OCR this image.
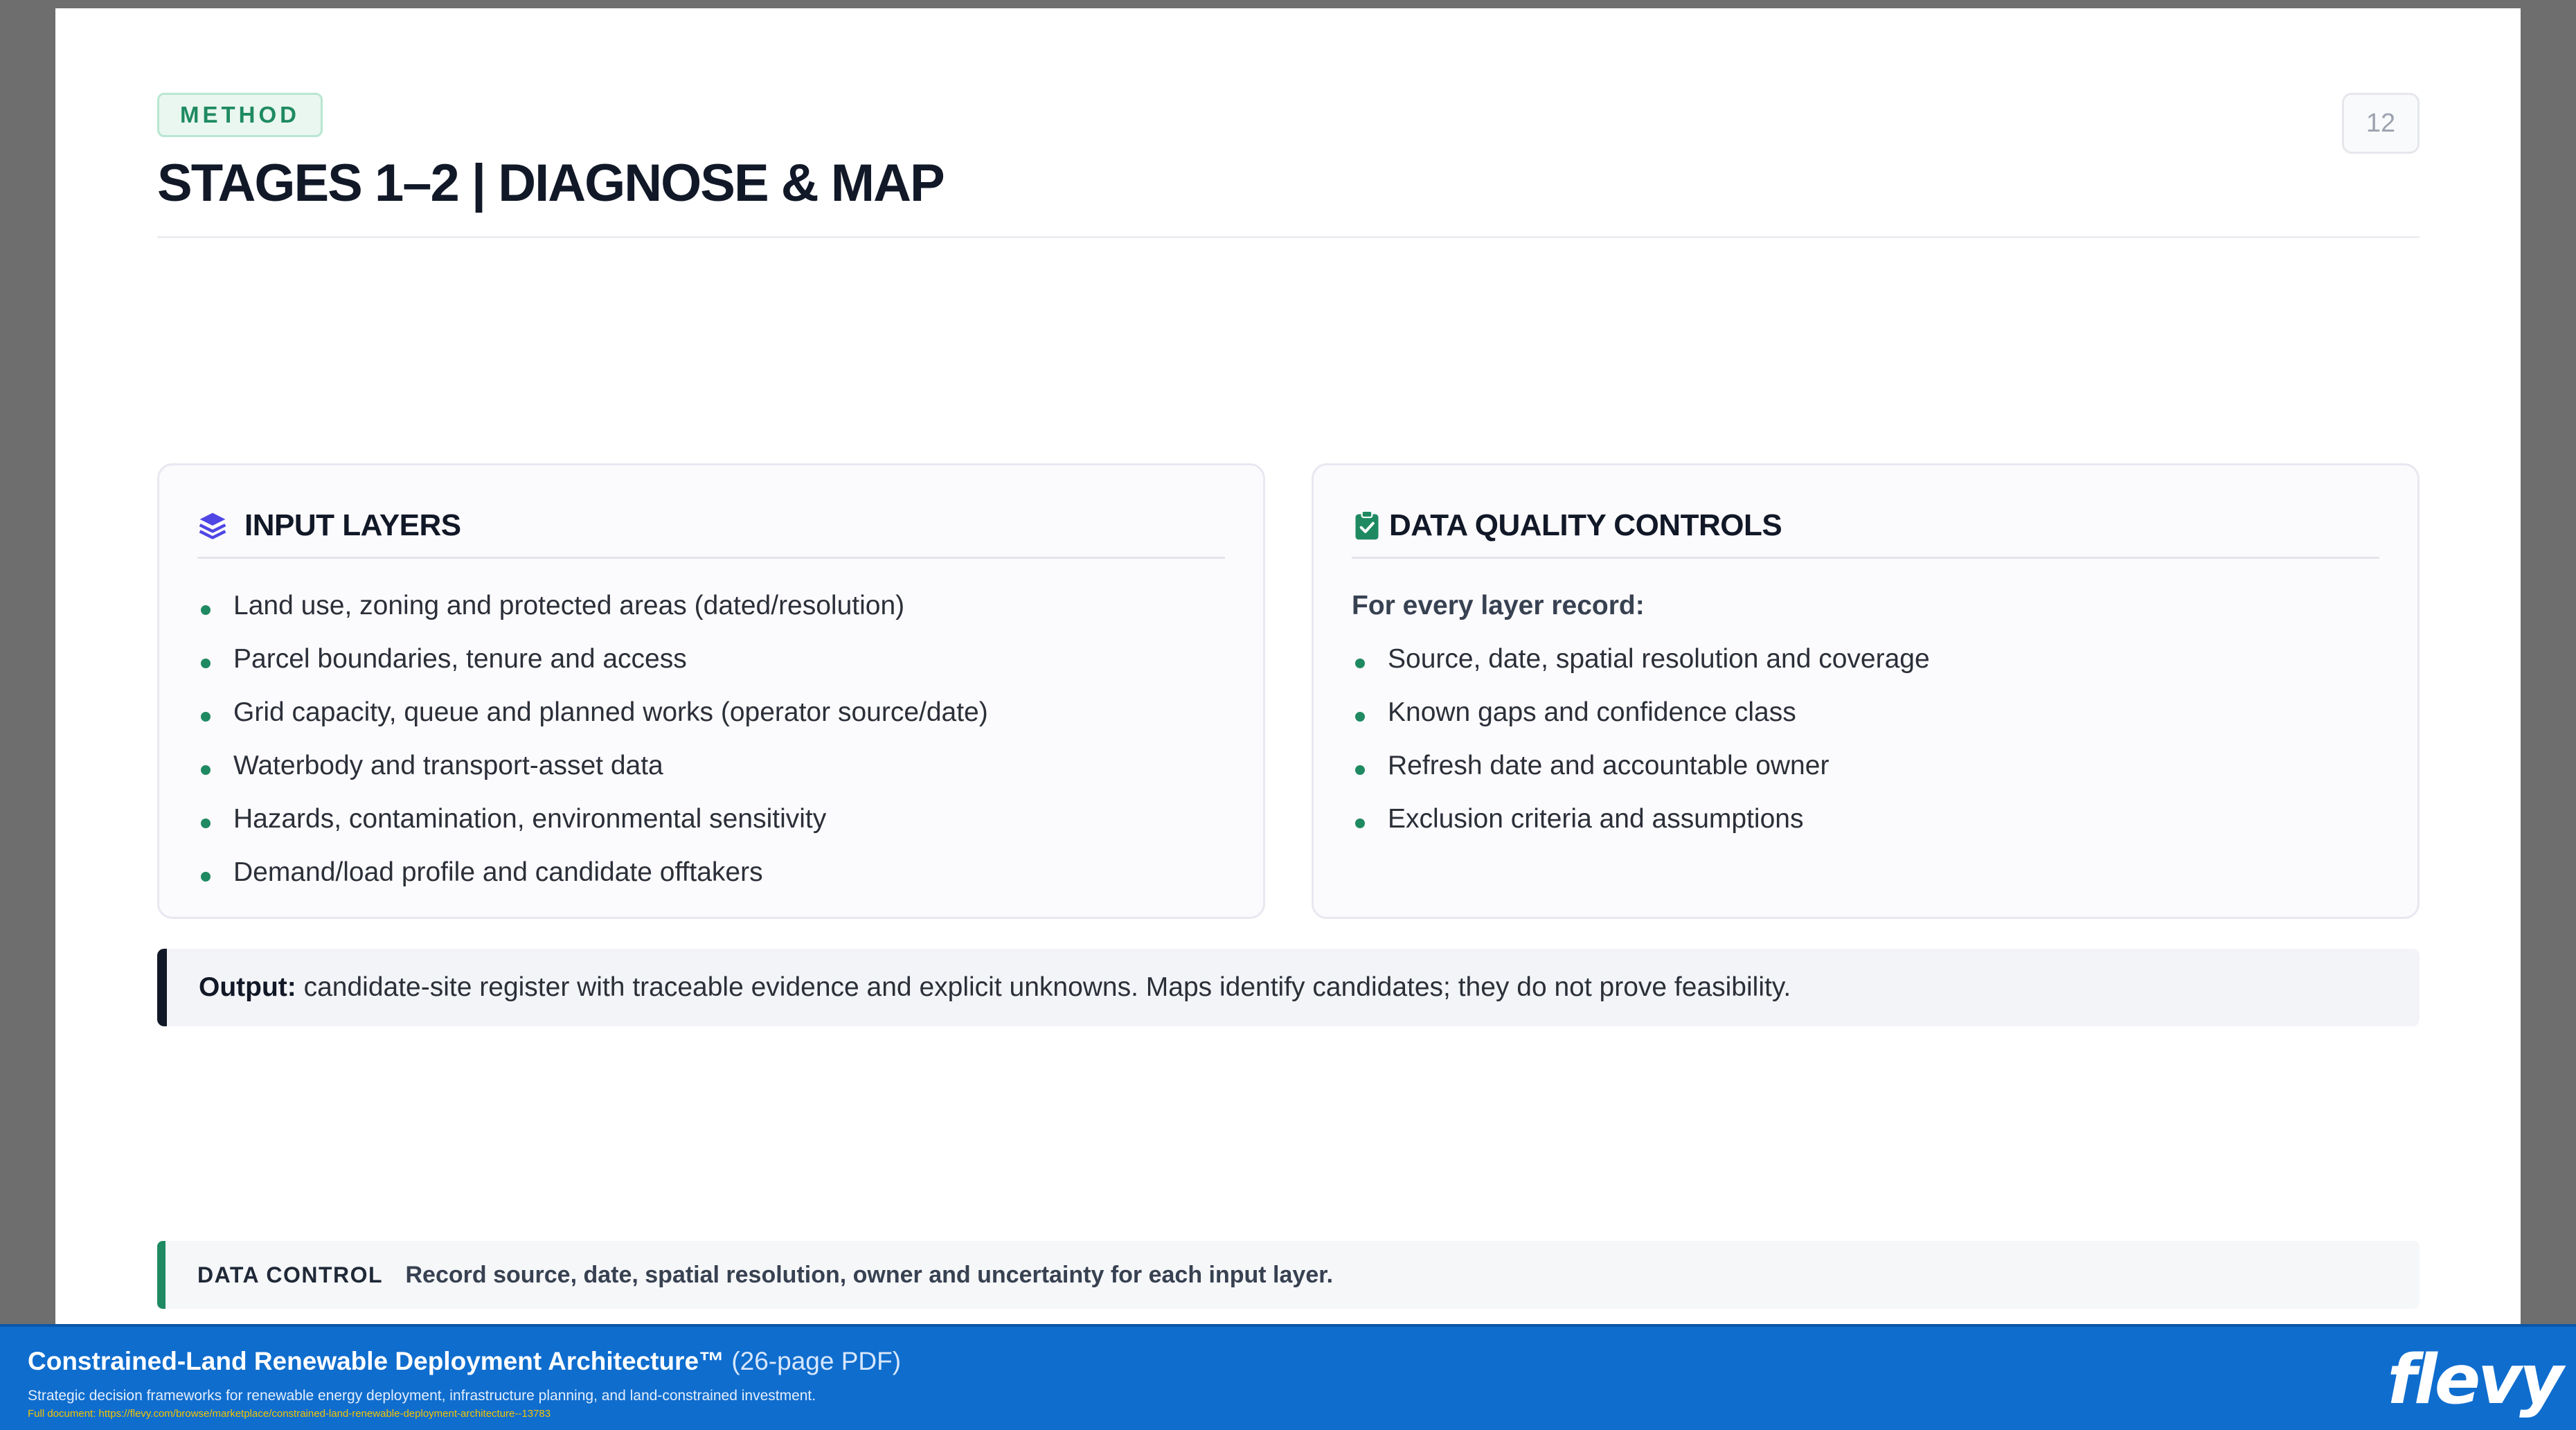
METHOD
STAGES 1–2 | DIAGNOSE & MAP
12
INPUT LAYERS
Land use, zoning and protected areas (dated/resolution)
Parcel boundaries, tenure and access
Grid capacity, queue and planned works (operator source/date)
Waterbody and transport-asset data
Hazards, contamination, environmental sensitivity
Demand/load profile and candidate offtakers
DATA QUALITY CONTROLS
For every layer record:
Source, date, spatial resolution and coverage
Known gaps and confidence class
Refresh date and accountable owner
Exclusion criteria and assumptions
Output: candidate-site register with traceable evidence and explicit unknowns. Maps identify candidates; they do not prove feasibility.
DATA CONTROL Record source, date, spatial resolution, owner and uncertainty for each input layer.
Constrained-Land Renewable Deployment Architecture™ (26-page PDF)
Strategic decision frameworks for renewable energy deployment, infrastructure planning, and land-constrained investment.
Full document: https://flevy.com/browse/marketplace/constrained-land-renewable-deployment-architecture--13783	flevy
